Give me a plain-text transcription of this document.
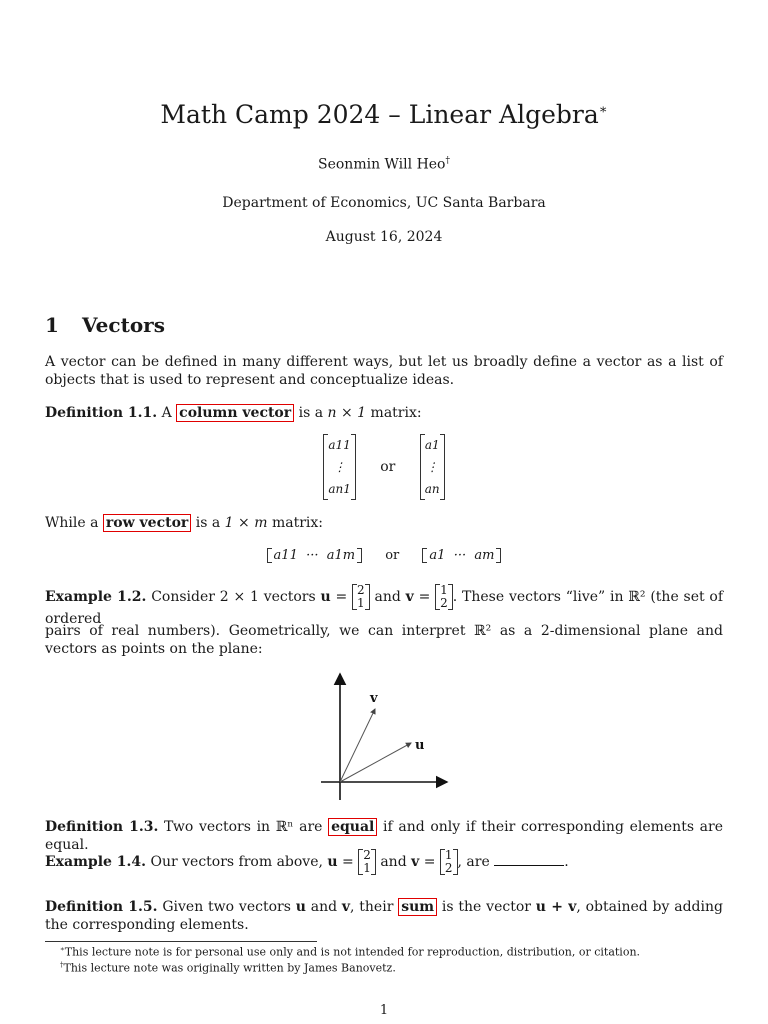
Math Camp 2024 – Linear Algebra∗
Seonmin Will Heo†
Department of Economics, UC Santa Barbara
August 16, 2024
1 Vectors
A vector can be defined in many different ways, but let us broadly define a vector as a list of objects that is used to represent and conceptualize ideas.
Definition 1.1. A column vector is a n × 1 matrix:
a11
⋮
an1
or
a1
⋮
an
While a row vector is a 1 × m matrix:
a11  ···  a1m or a1  ···  am
Example 1.2. Consider 2 × 1 vectors u = 2
1 and v = 1
2 . These vectors “live” in ℝ² (the set of ordered
pairs of real numbers). Geometrically, we can interpret ℝ² as a 2-dimensional plane and vectors as points on the plane:
v
u
Definition 1.3. Two vectors in ℝⁿ are equal if and only if their corresponding elements are equal.
Example 1.4. Our vectors from above, u = 2
1 and v = 1
2 , are	.
Definition 1.5. Given two vectors u and v, their sum is the vector u + v, obtained by adding the corresponding elements.
∗This lecture note is for personal use only and is not intended for reproduction, distribution, or citation.
†This lecture note was originally written by James Banovetz.
1
